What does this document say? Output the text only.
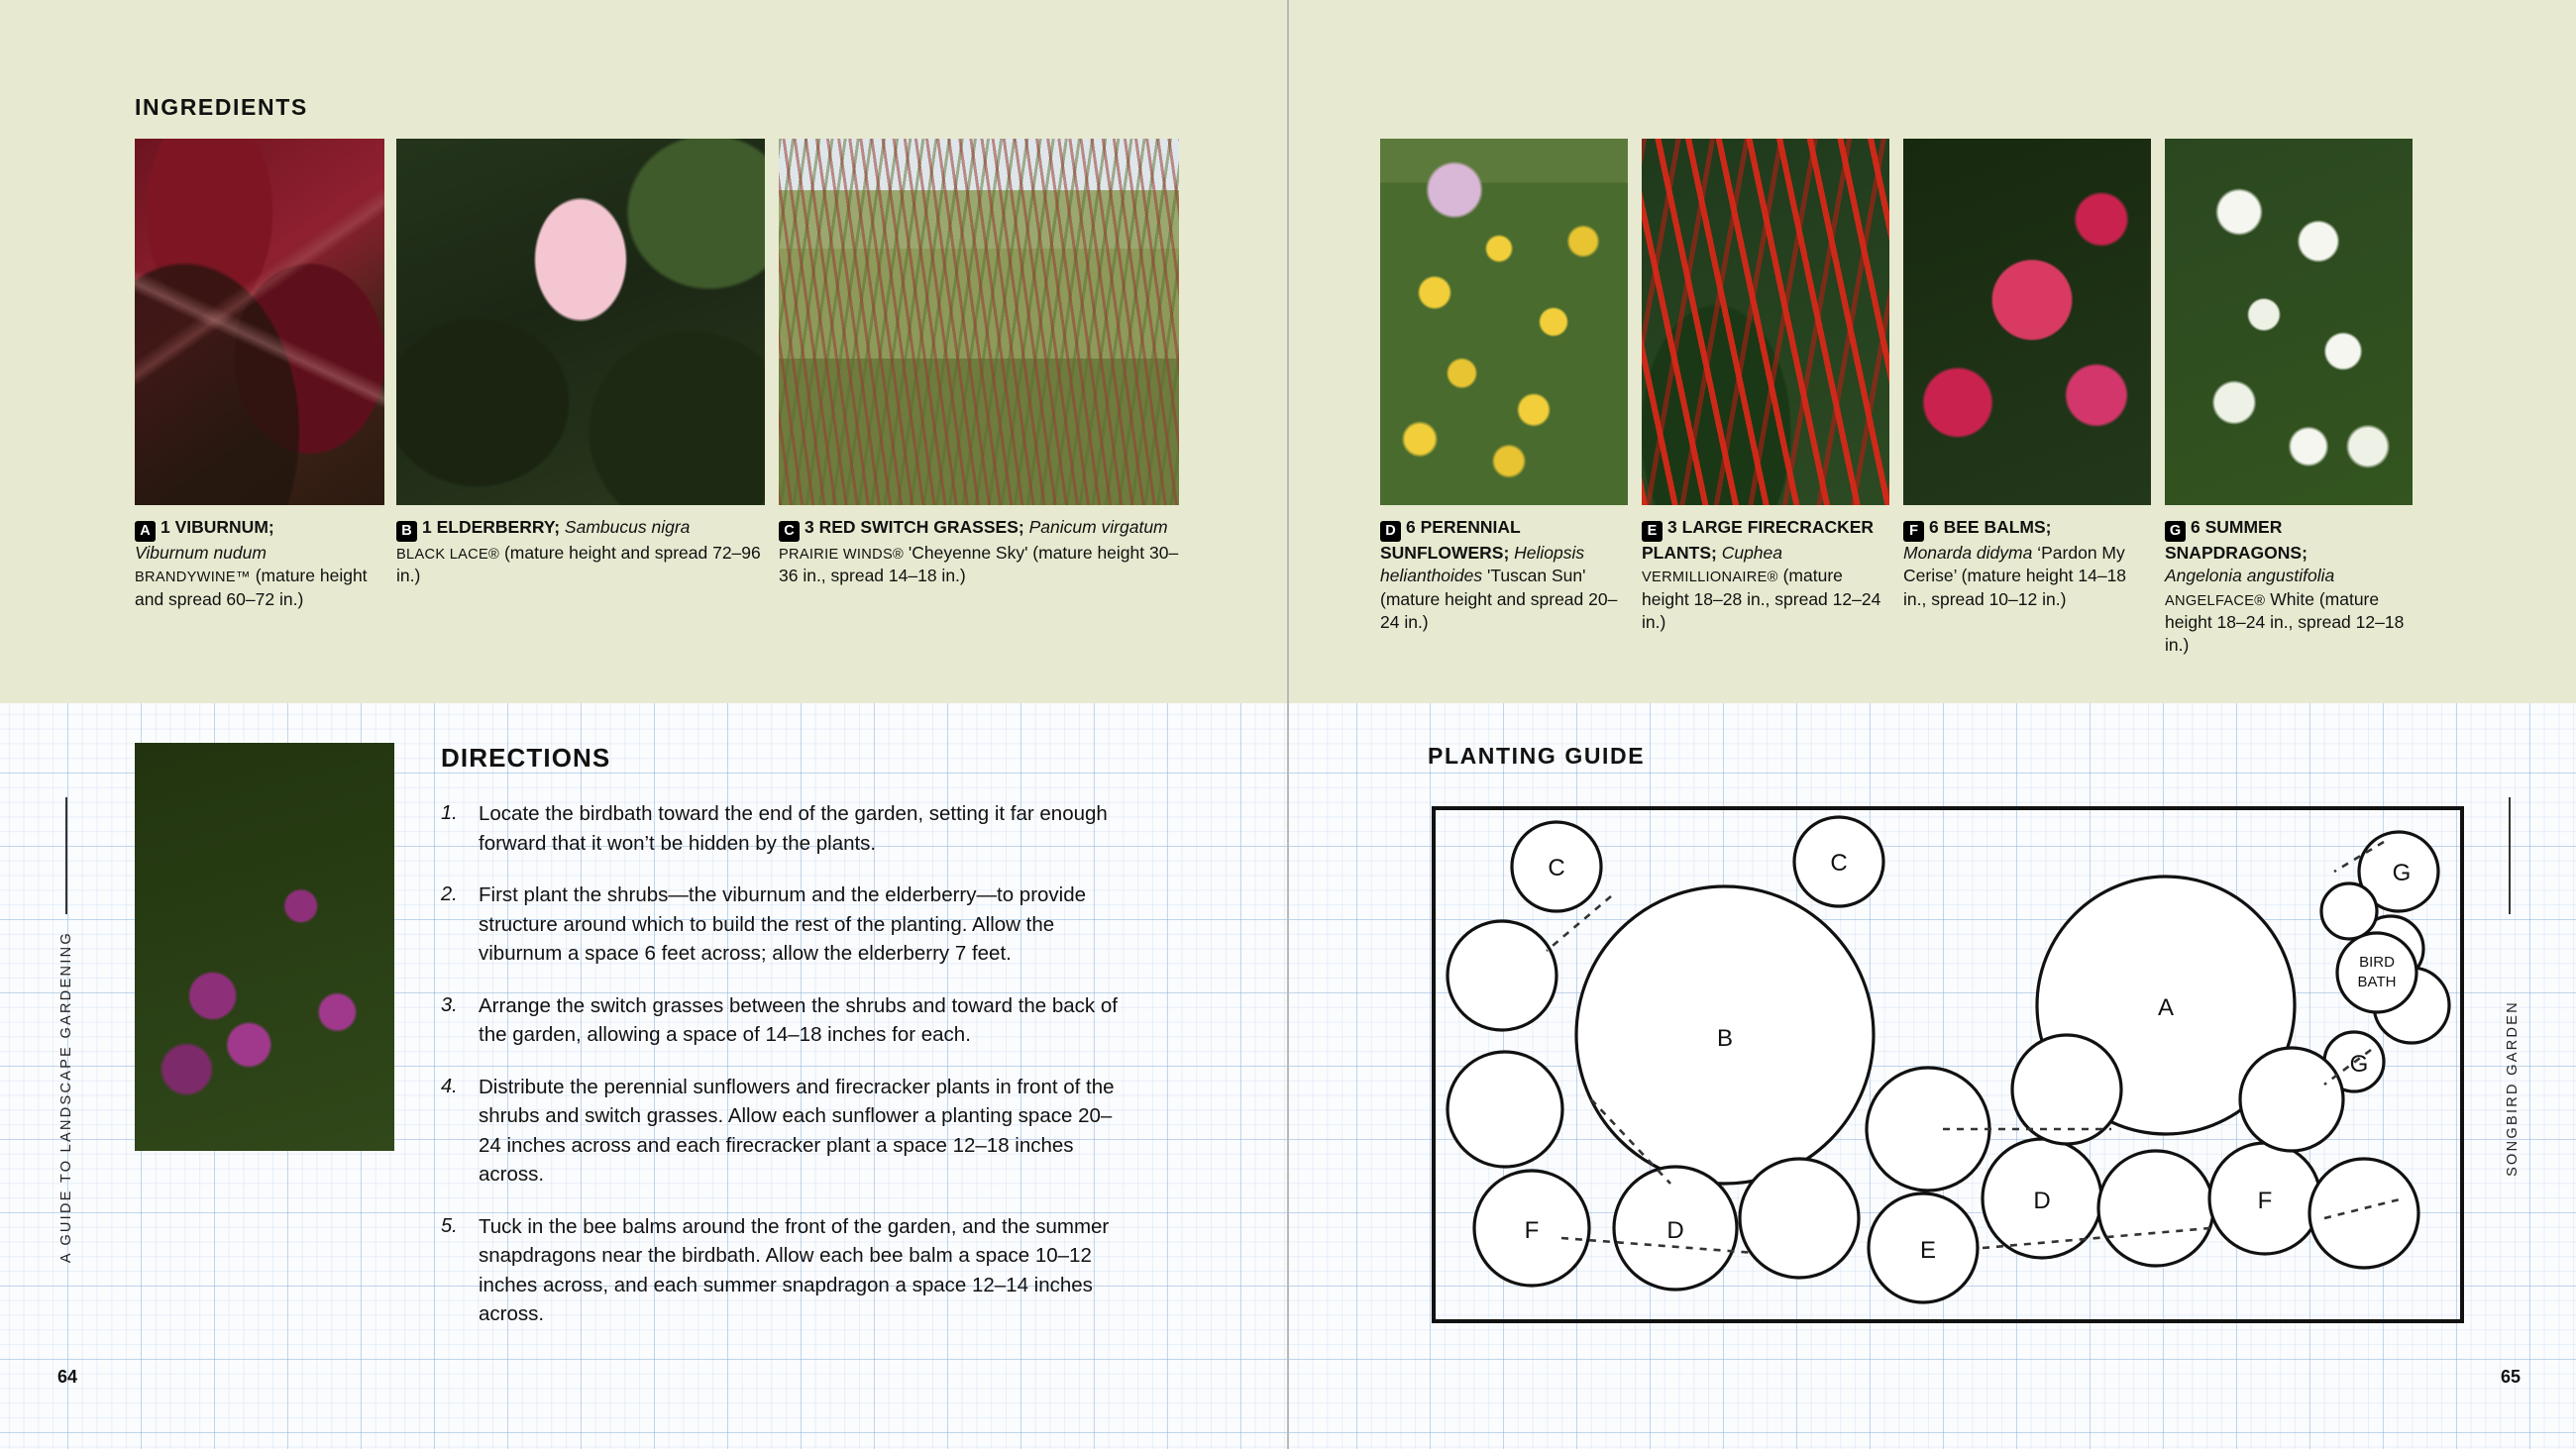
INGREDIENTS
A 1 VIBURNUM;
Viburnum nudum
BRANDYWINE™ (mature height and spread 60–72 in.)
B 1 ELDERBERRY; Sambucus nigra
BLACK LACE® (mature height and spread 72–96 in.)
C 3 RED SWITCH GRASSES; Panicum virgatum PRAIRIE WINDS® 'Cheyenne Sky' (mature height 30–36 in., spread 14–18 in.)

DIRECTIONS
1. Locate the birdbath toward the end of the garden, setting it far enough forward that it won’t be hidden by the plants.
2. First plant the shrubs—the viburnum and the elderberry—to provide structure around which to build the rest of the planting. Allow the viburnum a space 6 feet across; allow the elderberry 7 feet.
3. Arrange the switch grasses between the shrubs and toward the back of the garden, allowing a space of 14–18 inches for each.
4. Distribute the perennial sunflowers and firecracker plants in front of the shrubs and switch grasses. Allow each sunflower a planting space 20–24 inches across and each firecracker plant a space 12–18 inches across.
5. Tuck in the bee balms around the front of the garden, and the summer snapdragons near the birdbath. Allow each bee balm a space 10–12 inches across, and each summer snapdragon a space 12–14 inches across.
A GUIDE TO LANDSCAPE GARDENING
64
D 6 PERENNIAL SUNFLOWERS; Heliopsis helianthoides 'Tuscan Sun' (mature height and spread 20–24 in.)
E 3 LARGE FIRECRACKER PLANTS; Cuphea VERMILLIONAIRE® (mature height 18–28 in., spread 12–24 in.)
F 6 BEE BALMS;
Monarda didyma ‘Pardon My Cerise’ (mature height 14–18 in., spread 10–12 in.)
G 6 SUMMER SNAPDRAGONS;
Angelonia angustifolia
ANGELFACE® White (mature height 18–24 in., spread 12–18 in.)
PLANTING GUIDE
C	C
B
A
G
G
D
D
E
F
F
BIRD
BATH
SONGBIRD GARDEN
65
